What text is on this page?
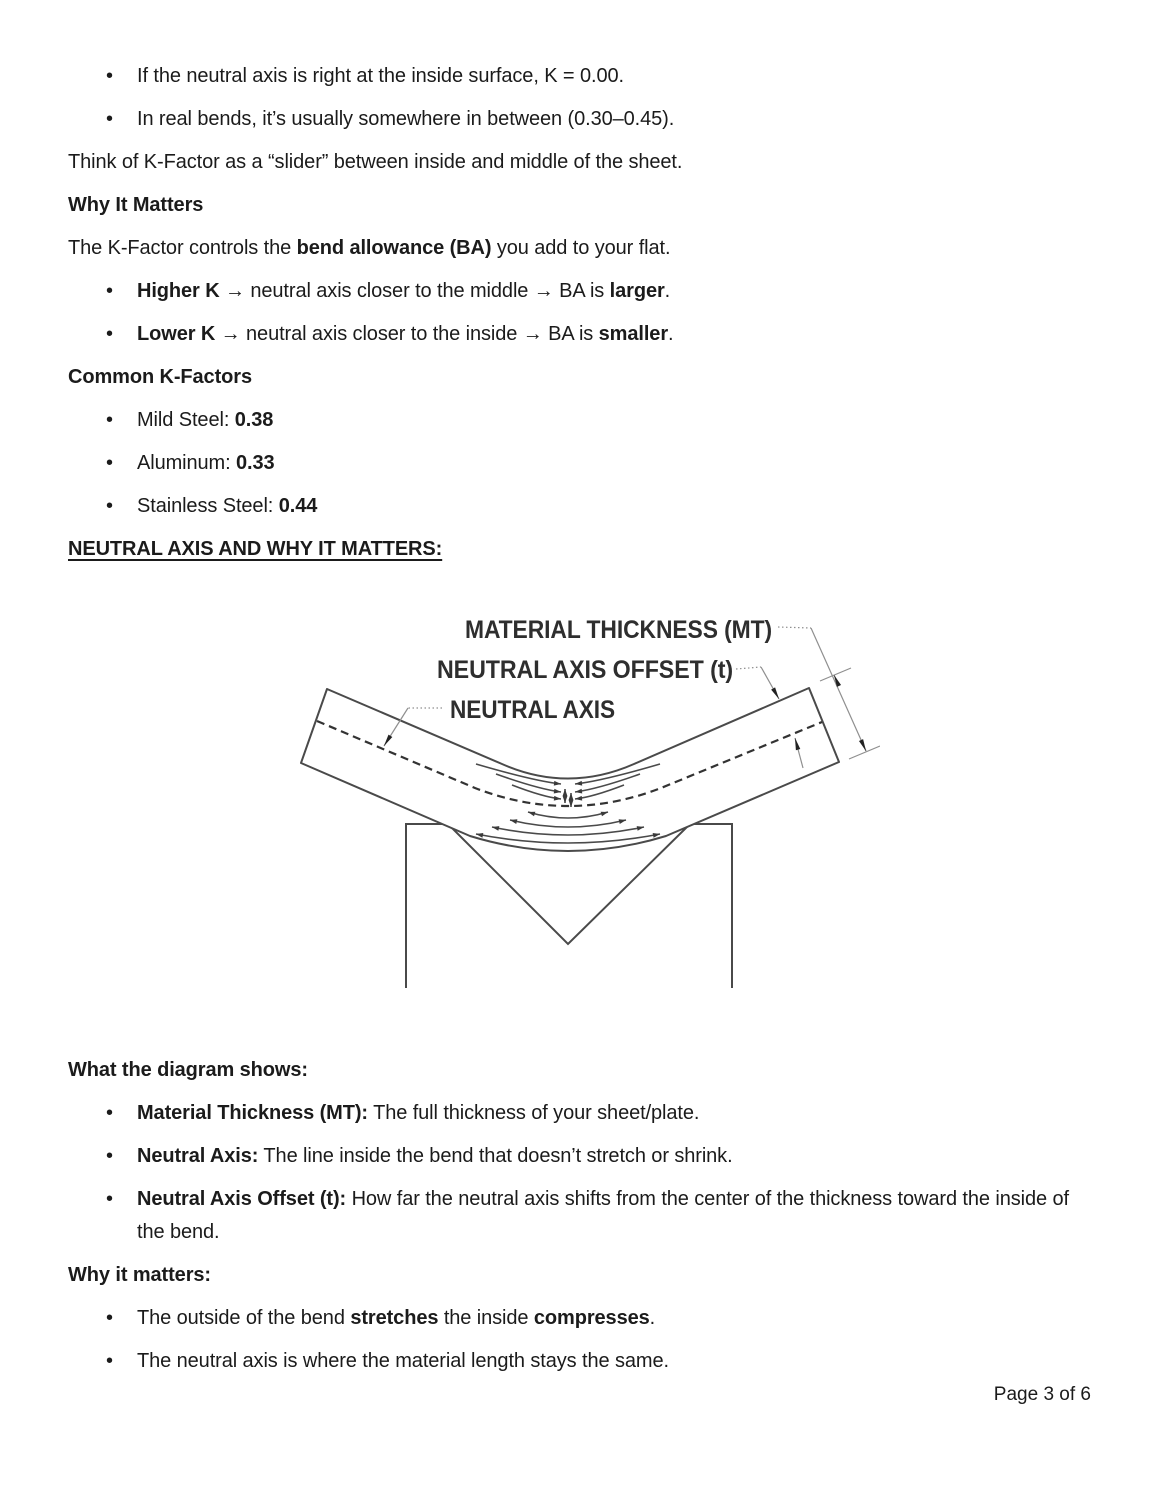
• If the neutral axis is right at the inside surface, K = 0.00.
• In real bends, it’s usually somewhere in between (0.30–0.45).

Think of K-Factor as a “slider” between inside and middle of the sheet.

Why It Matters

The K-Factor controls the bend allowance (BA) you add to your flat.

• Higher K → neutral axis closer to the middle → BA is larger.
• Lower K → neutral axis closer to the inside → BA is smaller.

Common K-Factors

• Mild Steel: 0.38
• Aluminum: 0.33
• Stainless Steel: 0.44

NEUTRAL AXIS AND WHY IT MATTERS:

MATERIAL THICKNESS (MT)
NEUTRAL AXIS OFFSET (t)
NEUTRAL AXIS

What the diagram shows:

• Material Thickness (MT): The full thickness of your sheet/plate.
• Neutral Axis: The line inside the bend that doesn’t stretch or shrink.
• Neutral Axis Offset (t): How far the neutral axis shifts from the center of the thickness toward the inside of the bend.

Why it matters:

• The outside of the bend stretches the inside compresses.
• The neutral axis is where the material length stays the same.
Page 3 of 6
